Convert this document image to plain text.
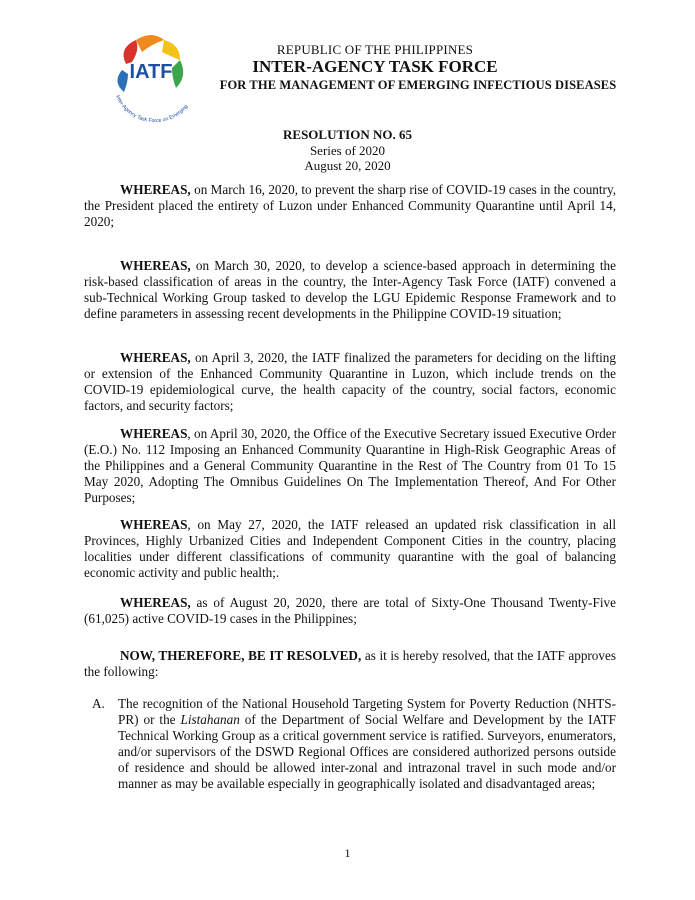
IATF
Inter-Agency Task Force on Emerging
REPUBLIC OF THE PHILIPPINES
INTER-AGENCY TASK FORCE
FOR THE MANAGEMENT OF EMERGING INFECTIOUS DISEASES
RESOLUTION NO. 65
Series of 2020
August 20, 2020
WHEREAS, on March 16, 2020, to prevent the sharp rise of COVID-19 cases in the country, the President placed the entirety of Luzon under Enhanced Community Quarantine until April 14, 2020;
WHEREAS, on March 30, 2020, to develop a science-based approach in determining the risk-based classification of areas in the country, the Inter-Agency Task Force (IATF) convened a sub-Technical Working Group tasked to develop the LGU Epidemic Response Framework and to define parameters in assessing recent developments in the Philippine COVID-19 situation;
WHEREAS, on April 3, 2020, the IATF finalized the parameters for deciding on the lifting or extension of the Enhanced Community Quarantine in Luzon, which include trends on the COVID-19 epidemiological curve, the health capacity of the country, social factors, economic factors, and security factors;
WHEREAS, on April 30, 2020, the Office of the Executive Secretary issued Executive Order (E.O.) No. 112 Imposing an Enhanced Community Quarantine in High-Risk Geographic Areas of the Philippines and a General Community Quarantine in the Rest of The Country from 01 To 15 May 2020, Adopting The Omnibus Guidelines On The Implementation Thereof, And For Other Purposes;
WHEREAS, on May 27, 2020, the IATF released an updated risk classification in all Provinces, Highly Urbanized Cities and Independent Component Cities in the country, placing localities under different classifications of community quarantine with the goal of balancing economic activity and public health;.
WHEREAS, as of August 20, 2020, there are total of Sixty-One Thousand Twenty-Five (61,025) active COVID-19 cases in the Philippines;
NOW, THEREFORE, BE IT RESOLVED, as it is hereby resolved, that the IATF approves the following:
A. The recognition of the National Household Targeting System for Poverty Reduction (NHTS-PR) or the Listahanan of the Department of Social Welfare and Development by the IATF Technical Working Group as a critical government service is ratified. Surveyors, enumerators, and/or supervisors of the DSWD Regional Offices are considered authorized persons outside of residence and should be allowed inter-zonal and intrazonal travel in such mode and/or manner as may be available especially in geographically isolated and disadvantaged areas;
1
